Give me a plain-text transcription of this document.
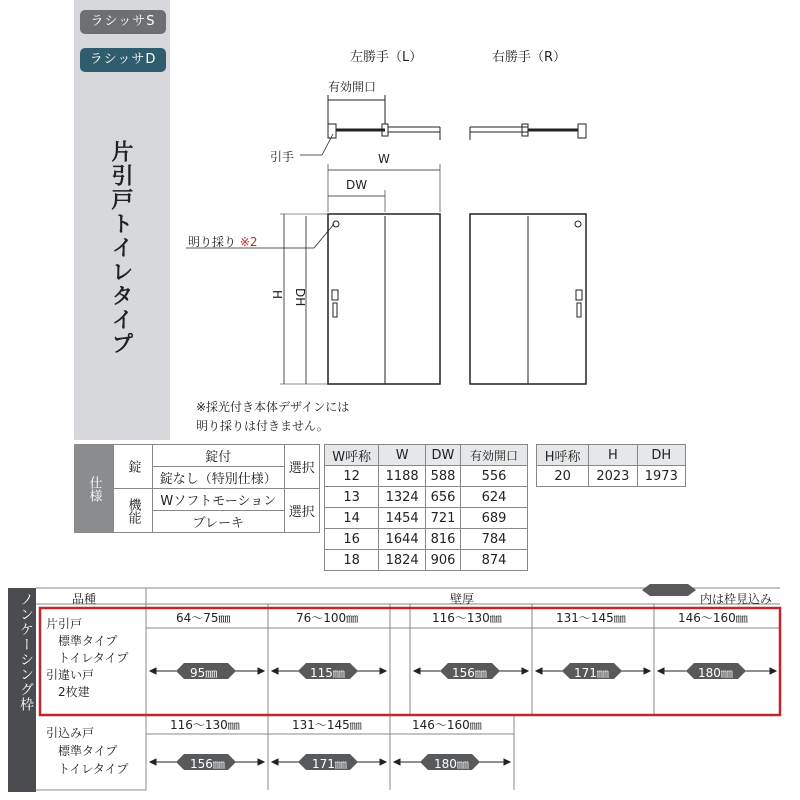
ラシッサS
ラシッサD
片引戸トイレタイプ
左勝手（L）	右勝手（R）
有効開口
引手	W
DW
明り採り ※2
H DH
※採光付き本体デザインには
明り採りは付きません。
仕様	錠	錠付	選択
		錠なし（特別仕様）	
	機能	Wソフトモーション	選択
		ブレーキ	
W呼称	W	DW	有効開口
12	1188	588	556
13	1324	656	624
14	1454	721	689
16	1644	816	784
18	1824	906	874
H呼称	H	DH
20	2023	1973
ノンケーシング枠	品種	壁厚	内は枠見込み
片引戸
標準タイプ
トイレタイプ
引違い戸
2枚建
64～75㎜	76～100㎜	116～130㎜	131～145㎜	146～160㎜
95㎜	115㎜	156㎜	171㎜	180㎜
引込み戸
標準タイプ
トイレタイプ
116～130㎜	131～145㎜	146～160㎜
156㎜	171㎜	180㎜
